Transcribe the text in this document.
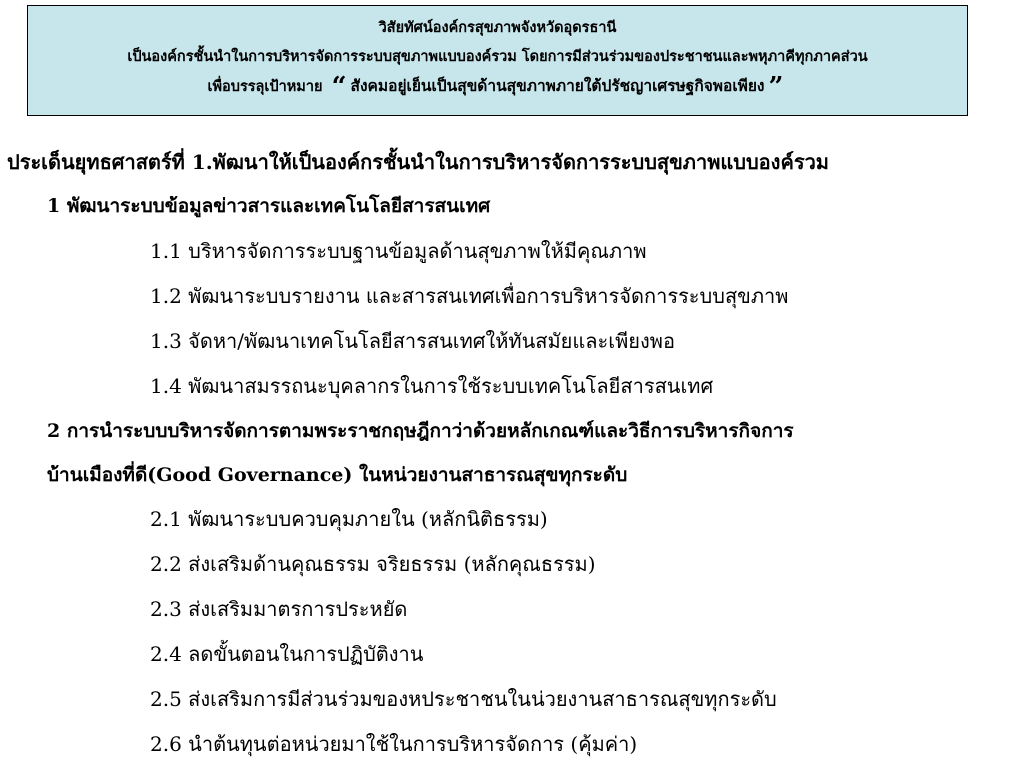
วิสัยทัศน์องค์กรสุขภาพจังหวัดอุดรธานี
เป็นองค์กรชั้นนำในการบริหารจัดการระบบสุขภาพแบบองค์รวม โดยการมีส่วนร่วมของประชาชนและพหุภาคีทุกภาคส่วน
เพื่อบรรลุเป้าหมาย “ สังคมอยู่เย็นเป็นสุขด้านสุขภาพภายใต้ปรัชญาเศรษฐกิจพอเพียง ”
ประเด็นยุทธศาสตร์ที่ 1.พัฒนาให้เป็นองค์กรชั้นนำในการบริหารจัดการระบบสุขภาพแบบองค์รวม
1 พัฒนาระบบข้อมูลข่าวสารและเทคโนโลยีสารสนเทศ
1.1 บริหารจัดการระบบฐานข้อมูลด้านสุขภาพให้มีคุณภาพ
1.2 พัฒนาระบบรายงาน และสารสนเทศเพื่อการบริหารจัดการระบบสุขภาพ
1.3 จัดหา/พัฒนาเทคโนโลยีสารสนเทศให้ทันสมัยและเพียงพอ
1.4 พัฒนาสมรรถนะบุคลากรในการใช้ระบบเทคโนโลยีสารสนเทศ
2 การนำระบบบริหารจัดการตามพระราชกฤษฎีกาว่าด้วยหลักเกณฑ์และวิธีการบริหารกิจการ
บ้านเมืองที่ดี(Good Governance) ในหน่วยงานสาธารณสุขทุกระดับ
2.1 พัฒนาระบบควบคุมภายใน (หลักนิติธรรม)
2.2 ส่งเสริมด้านคุณธรรม จริยธรรม (หลักคุณธรรม)
2.3 ส่งเสริมมาตรการประหยัด
2.4 ลดขั้นตอนในการปฏิบัติงาน
2.5 ส่งเสริมการมีส่วนร่วมของหประชาชนในน่วยงานสาธารณสุขทุกระดับ
2.6 นำต้นทุนต่อหน่วยมาใช้ในการบริหารจัดการ (คุ้มค่า)
